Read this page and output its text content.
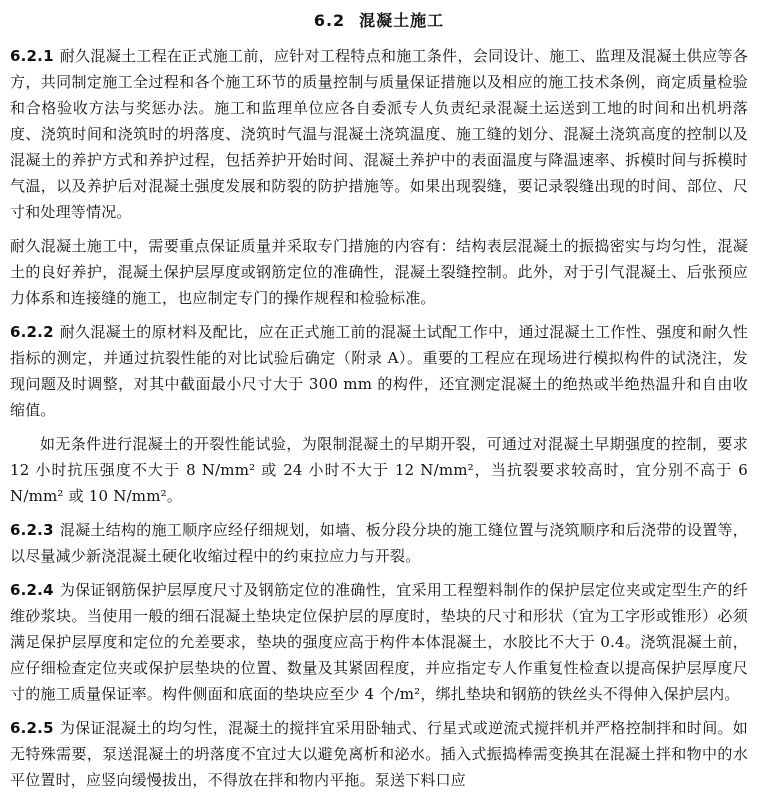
6.2 混凝土施工

6.2.1 耐久混凝土工程在正式施工前，应针对工程特点和施工条件，会同设计、施工、监理及混凝土供应等各方，共同制定施工全过程和各个施工环节的质量控制与质量保证措施以及相应的施工技术条例，商定质量检验和合格验收方法与奖惩办法。施工和监理单位应各自委派专人负责纪录混凝土运送到工地的时间和出机坍落度、浇筑时间和浇筑时的坍落度、浇筑时气温与混凝土浇筑温度、施工缝的划分、混凝土浇筑高度的控制以及混凝土的养护方式和养护过程，包括养护开始时间、混凝土养护中的表面温度与降温速率、拆模时间与拆模时气温，以及养护后对混凝土强度发展和防裂的防护措施等。如果出现裂缝，要记录裂缝出现的时间、部位、尺寸和处理等情况。

耐久混凝土施工中，需要重点保证质量并采取专门措施的内容有：结构表层混凝土的振捣密实与均匀性，混凝土的良好养护，混凝土保护层厚度或钢筋定位的准确性，混凝土裂缝控制。此外，对于引气混凝土、后张预应力体系和连接缝的施工，也应制定专门的操作规程和检验标准。

6.2.2 耐久混凝土的原材料及配比，应在正式施工前的混凝土试配工作中，通过混凝土工作性、强度和耐久性指标的测定，并通过抗裂性能的对比试验后确定（附录 A）。重要的工程应在现场进行模拟构件的试浇注，发现问题及时调整，对其中截面最小尺寸大于 300 mm 的构件，还宜测定混凝土的绝热或半绝热温升和自由收缩值。

如无条件进行混凝土的开裂性能试验，为限制混凝土的早期开裂，可通过对混凝土早期强度的控制，要求 12 小时抗压强度不大于 8 N/mm² 或 24 小时不大于 12 N/mm²，当抗裂要求较高时，宜分别不高于 6 N/mm² 或 10 N/mm²。

6.2.3 混凝土结构的施工顺序应经仔细规划，如墙、板分段分块的施工缝位置与浇筑顺序和后浇带的设置等，以尽量减少新浇混凝土硬化收缩过程中的约束拉应力与开裂。

6.2.4 为保证钢筋保护层厚度尺寸及钢筋定位的准确性，宜采用工程塑料制作的保护层定位夹或定型生产的纤维砂浆块。当使用一般的细石混凝土垫块定位保护层的厚度时，垫块的尺寸和形状（宜为工字形或锥形）必须满足保护层厚度和定位的允差要求，垫块的强度应高于构件本体混凝土，水胶比不大于 0.4。浇筑混凝土前，应仔细检查定位夹或保护层垫块的位置、数量及其紧固程度，并应指定专人作重复性检查以提高保护层厚度尺寸的施工质量保证率。构件侧面和底面的垫块应至少 4 个/m²，绑扎垫块和钢筋的铁丝头不得伸入保护层内。

6.2.5 为保证混凝土的均匀性，混凝土的搅拌宜采用卧轴式、行星式或逆流式搅拌机并严格控制拌和时间。如无特殊需要，泵送混凝土的坍落度不宜过大以避免离析和泌水。插入式振捣棒需变换其在混凝土拌和物中的水平位置时，应竖向缓慢拔出，不得放在拌和物内平拖。泵送下料口应
